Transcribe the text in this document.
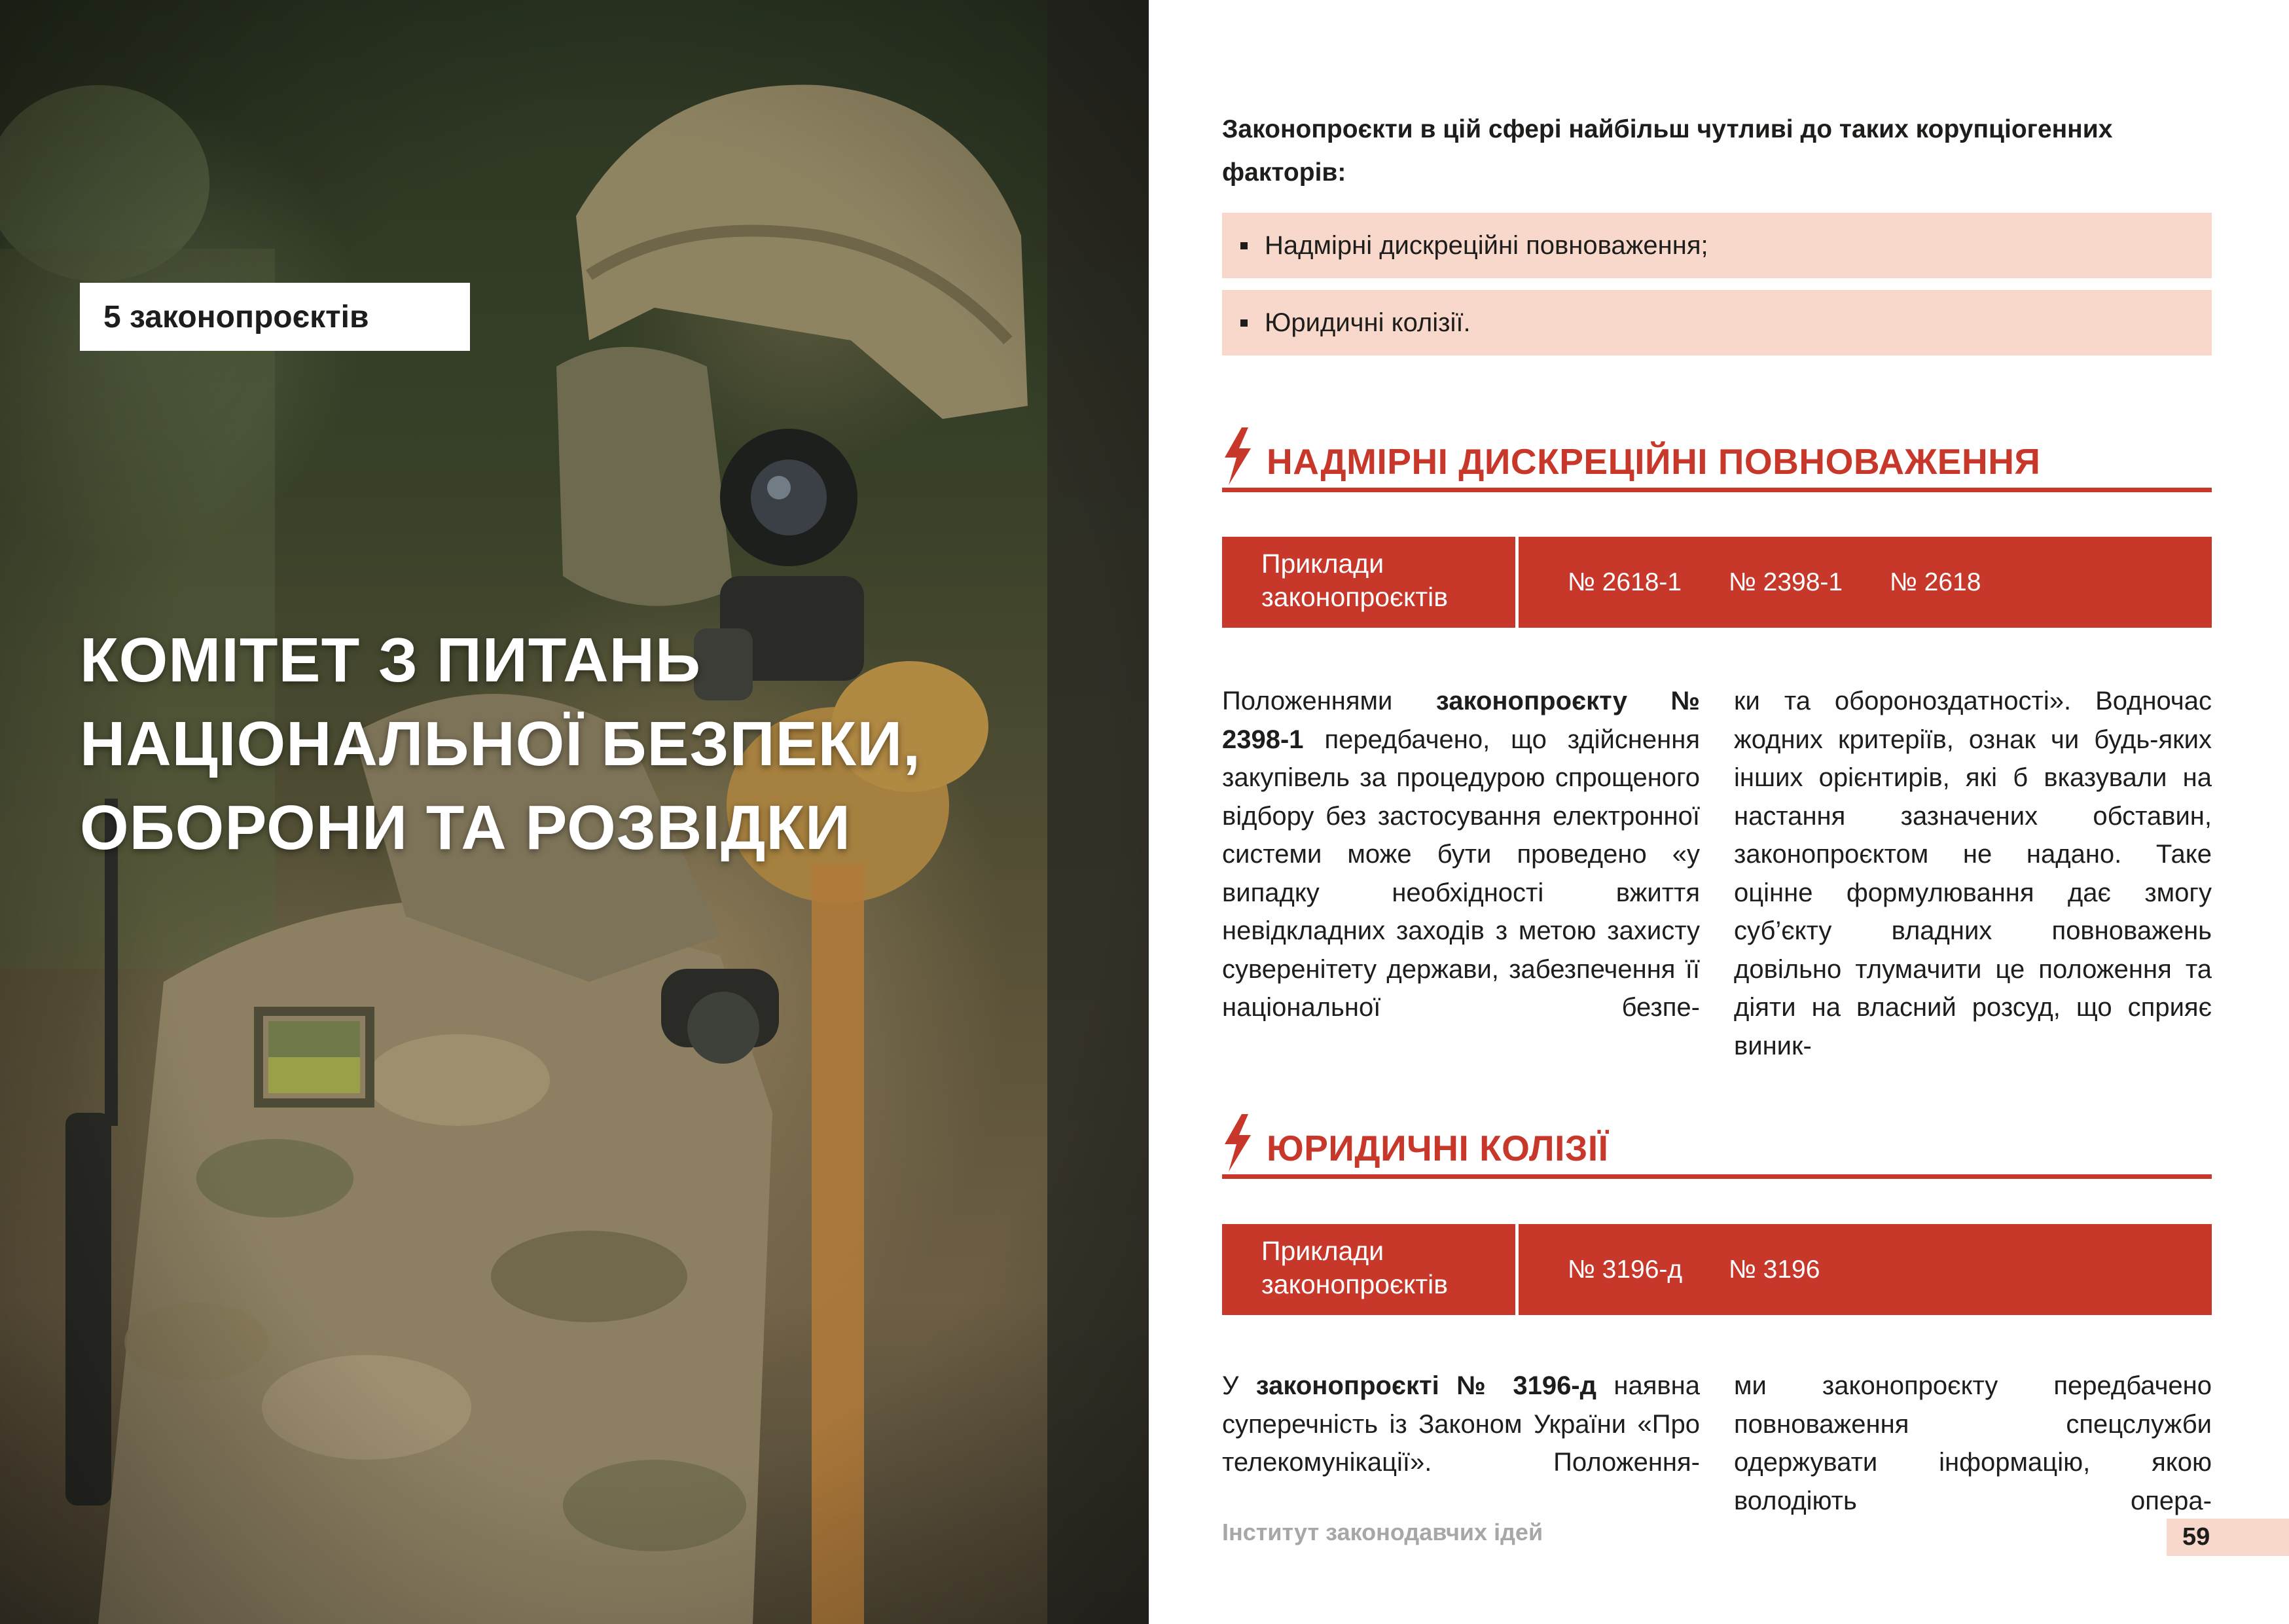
5 законопроєктів
КОМІТЕТ З ПИТАНЬ
НАЦІОНАЛЬНОЇ БЕЗПЕКИ,
ОБОРОНИ ТА РОЗВІДКИ

Законопроєкти в цій сфері найбільш чутливі до таких корупціогенних факторів:

Надмірні дискреційні повноваження;
Юридичні колізії.
НАДМІРНІ ДИСКРЕЦІЙНІ ПОВНОВАЖЕННЯ
Приклади
законопроєктів	№ 2618-1 № 2398-1 № 2618

Положеннями законопроєкту № 2398-1 передбачено, що здійснення закупівель за процедурою спрощеного відбору без застосування електронної системи може бути проведено «у випадку необхідності вжиття невідкладних заходів з метою захисту суверенітету держави, забезпечення її національної безпе-

ки та обороноздатності». Водночас жодних критеріїв, ознак чи будь-яких інших орієнтирів, які б вказували на настання зазначених обставин, законопроєктом не надано. Таке оцінне формулювання дає змогу суб’єкту владних повноважень довільно тлумачити це положення та діяти на власний розсуд, що сприяє виник-

ЮРИДИЧНІ КОЛІЗІЇ
Приклади
законопроєктів	№ 3196-д № 3196

У законопроєкті № 3196-д наявна суперечність із Законом України «Про телекомунікації». Положення-

ми законопроєкту передбачено повноваження спецслужби одержувати інформацію, якою володіють опера-

Інститут законодавчих ідей	59
